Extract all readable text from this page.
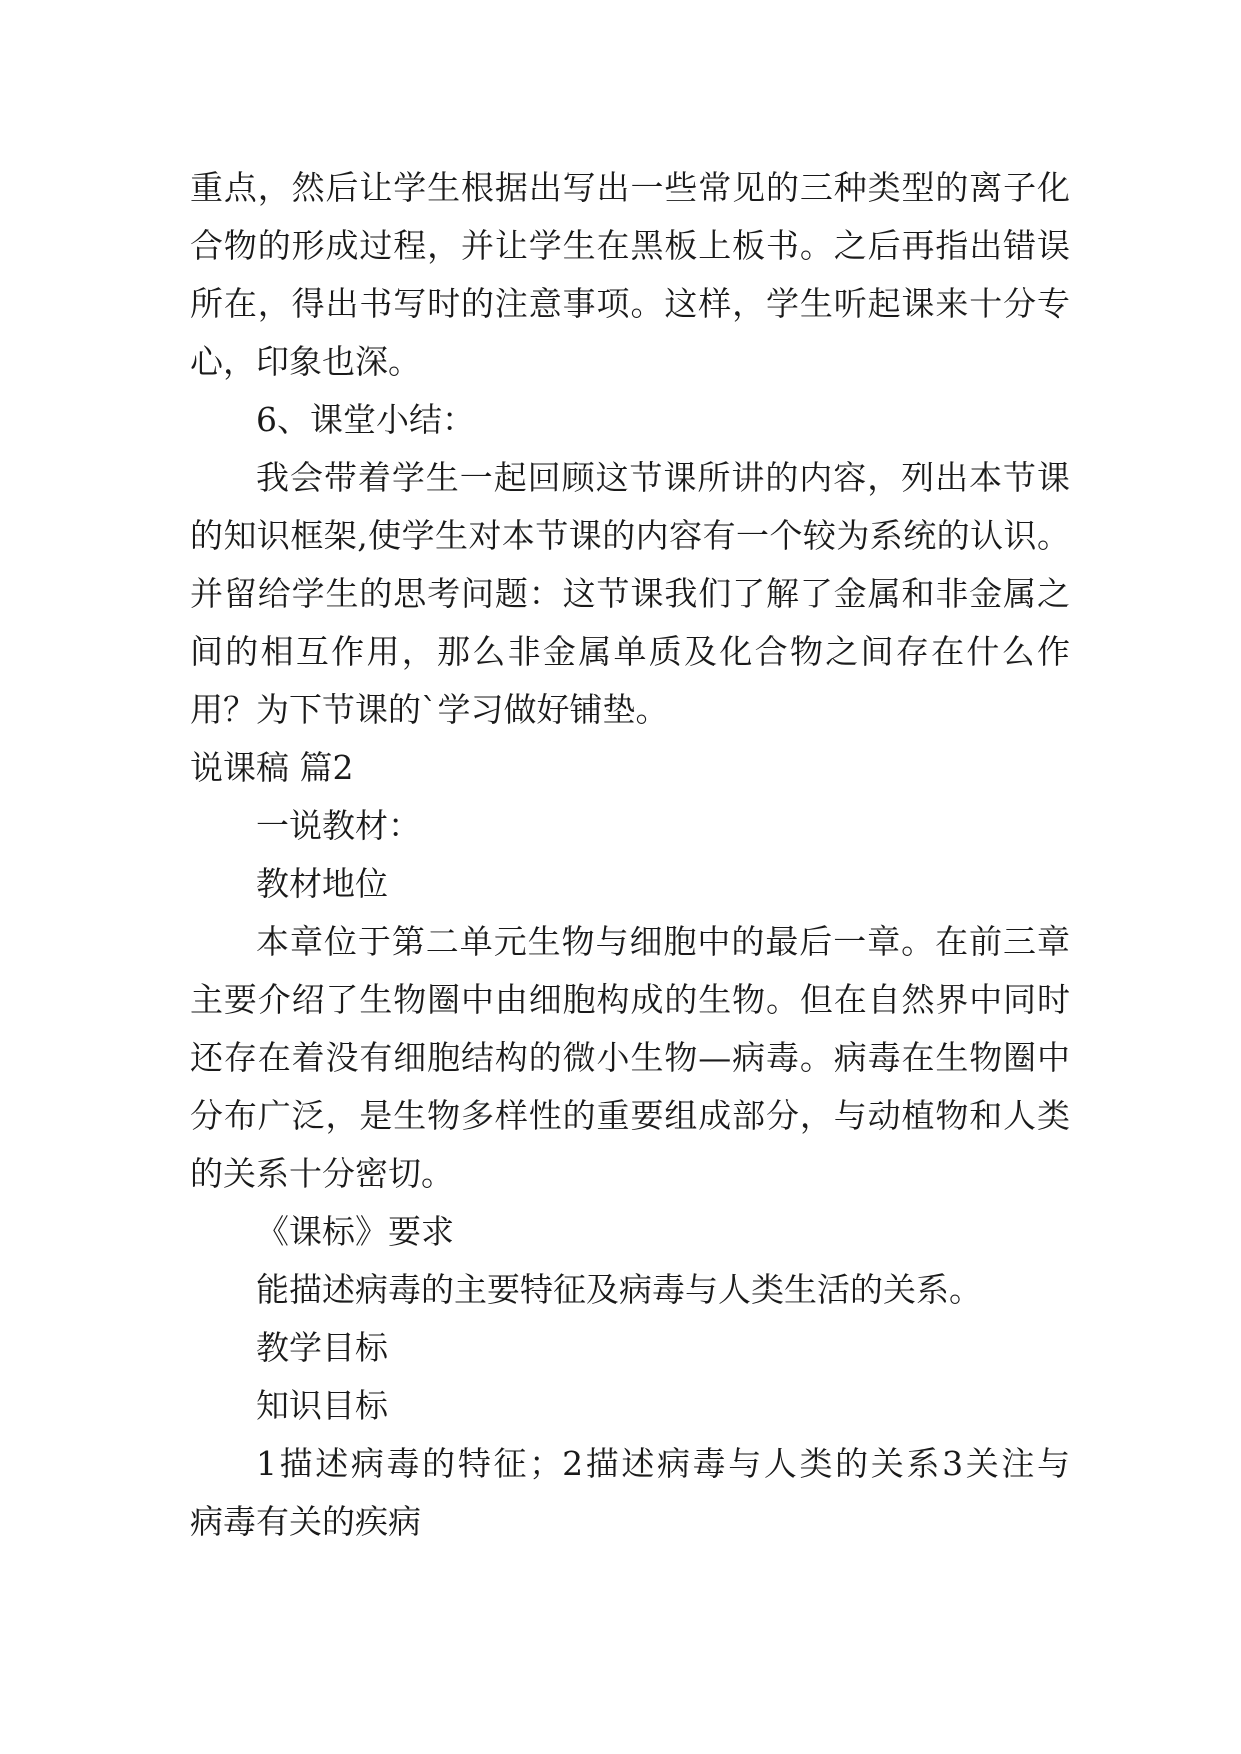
重点，然后让学生根据出写出一些常见的三种类型的离子化
合物的形成过程，并让学生在黑板上板书。之后再指出错误
所在，得出书写时的注意事项。这样，学生听起课来十分专
心，印象也深。
6、课堂小结：
我会带着学生一起回顾这节课所讲的内容，列出本节课
的知识框架,使学生对本节课的内容有一个较为系统的认识。
并留给学生的思考问题：这节课我们了解了金属和非金属之
间的相互作用，那么非金属单质及化合物之间存在什么作
用？为下节课的`学习做好铺垫。
说课稿 篇2
一说教材：
教材地位
本章位于第二单元生物与细胞中的最后一章。在前三章
主要介绍了生物圈中由细胞构成的生物。但在自然界中同时
还存在着没有细胞结构的微小生物—病毒。病毒在生物圈中
分布广泛，是生物多样性的重要组成部分，与动植物和人类
的关系十分密切。
《课标》要求
能描述病毒的主要特征及病毒与人类生活的关系。
教学目标
知识目标
1描述病毒的特征；2描述病毒与人类的关系3关注与
病毒有关的疾病
